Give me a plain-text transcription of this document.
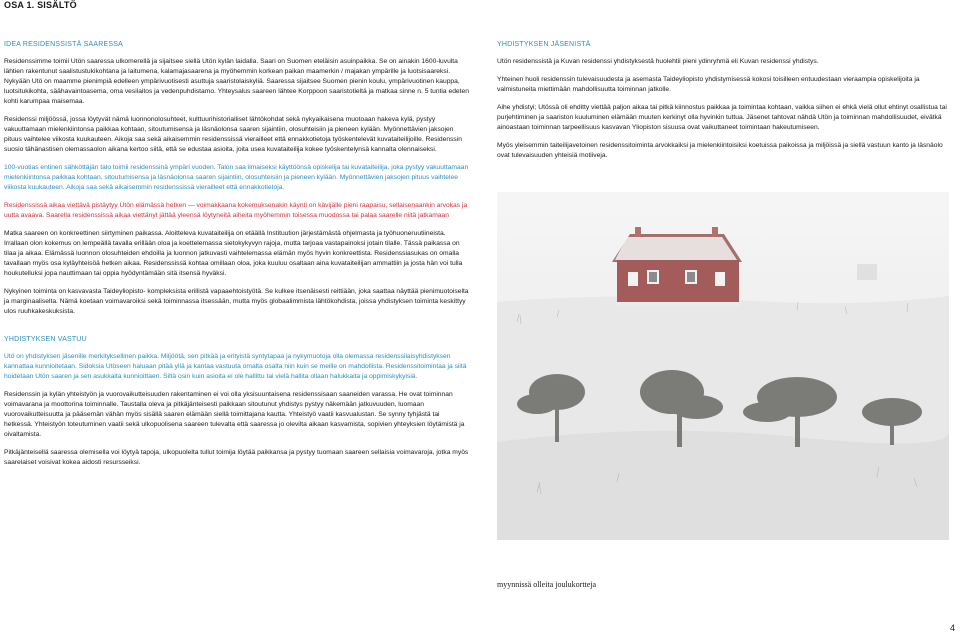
OSA 1. SISÄLTÖ
IDEA RESIDENSSISTÄ SAARESSA

Residenssimme toimii Utön saaressa ulkomerellä ja sijaitsee siellä Utön kylän laidalla. Saari on Suomen eteläisin asuinpaikka. Se on ainakin 1600-luvulta lähtien rakentunut saalistustukikohtana ja laitumena, kalamajasaarena ja myöhemmin korkean paikan maamerkin / majakan ympärille ja luotsisaareksi. Nykyään Utö on maamme pienimpiä edelleen ympärivuotisesti asuttuja saaristolaiskyliä. Saaressa sijaitsee Suomen pienin koulu, ympärivuotinen kauppa, luotsitukikohta, säähavaintoasema, oma vesilaitos ja vedenpuhdistamo. Yhteysalus saareen lähtee Korppoon saaristotieltä ja matkaa sinne n. 5 tuntia edeten kohti karumpaa maisemaa.

Residenssi miljöössä, jossa löytyvät nämä luonnonolosuhteet, kulttuurihistorialliset lähtökohdat sekä nykyaikaisena muotoaan hakeva kylä, pystyy vakuuttamaan mielenkiintonsa paikkaa kohtaan, sitoutumisensa ja läsnäolonsa saaren sijaintiin, olosuhteisiin ja pieneen kylään. Myönnettävien jaksojen pituus vaihtelee viikosta kuukauteen. Aikoja saa sekä aikaisemmin residenssissä vierailleet että ennakkotietoja työskentelevät kuvataiteilijoille. Residenssin suosio tähänastisen olemassaolon aikana kertoo siitä, että se edustaa asioita, joita usea kuvataiteilija kokee työskentelynsä kannalta olennaiseksi.

100-vuotias entinen sähköttäjän talo toimii residenssinä ympäri vuoden. Talon saa ilmaiseksi käyttöönsä opiskelija tai kuvataiteilija, joka pystyy vakuuttamaan mielenkiintonsa paikkaa kohtaan, sitoutumisensa ja läsnäolonsa saaren sijaintiin, olosuhteisiin ja pieneen kylään. Myönnettävien jaksojen pituus vaihtelee viikosta kuukauteen. Aikoja saa sekä aikaisemmin residenssissä vierailleet että ennakkotietoja.

Residenssissä aikaa viettävä pistäytyy Utön elämässä hetken — voimakkaana kokemuksenakin käynti on kävijälle pieni raapaisu, sellaisenaankin arvokas ja uutta avaava. Saarella residenssissä aikaa viettänyt jättää yleensä löytyneitä aiheita myöhemmin toisessa muodossa tai palaa saarelle niitä jatkamaan

Matka saareen on konkreettinen siirtyminen paikassa. Aloitteleva kuvataiteilija on etäällä Instituution järjestämästä ohjelmasta ja työhuoneruutiineista. Irrallaan olon kokemus on lempeällä tavalla erillään oloa ja koettelemassa sietokykyvyn rajoja, mutta tarjoaa vastapainoksi jotain tilalle. Tässä paikassa on tilaa ja aikaa. Elämässä luonnon olosuhteiden ehdoilla ja luonnon jatkuvasti vaihtelemassa elämän myös hyvin konkreettista. Residenssiasukas on omalla tavallaan myös osa kyläyhteisöä hetken aikaa. Residenssissä kohtaa omillaan oloa, joka kuuluu osaltaan aina kuvataiteilijan ammattiin ja josta hän voi tulla houkutelluksi jopa nauttimaan tai oppia hyödyntämään sitä itsensä hyväksi.

Nykyinen toiminta on kasvavasta Taideyliopisto- kompleksista erillistä vapaaehtoistyötä. Se kulkee itsenäisesti reittiään, joka saattaa näyttää pienimuotoiselta ja marginaaliselta. Nämä koetaan voimavaroiksi sekä toiminnassa itsessään, mutta myös globaalimmista lähtökohdista, joissa yhdistyksen toiminta keskittyy ulos ruuhkakeskuksista.

YHDISTYKSEN VASTUU

Utö on yhdistyksen jäsenille merkityksellinen paikka. Miljöötä, sen pitkää ja erityistä syntytapaa ja nykymuotoja olla olemassa residenssilaisyhdistyksen kannattaa kunnioitetaan. Sidoksia Utöseen haluaan pitää yllä ja kantaa vastuuta omalta osalta niin kuin se meille on mahdollista. Residenssitoimintaa ja siitä hoidetaan Utön saaren ja sen asukkaita kunnioittaen. Siltä osin kuin asioita ei ole hallittu tai vielä hallita ollaan halukkaita ja oppimiskykyisiä.

Residenssin ja kylän yhteistyön ja vuorovaikutteisuuden rakentaminen ei voi olla yksisuuntaisena residenssisaan saaneiden varassa. He ovat toiminnan voimavarana ja moottorina toiminnalle. Taustalla oleva ja pitkäjänteisesti paikkaan sitoutunut yhdistys pystyy näkemään jatkuvuuden, luomaan vuorovaikutteisuutta ja pääsemän vähän myös sisällä saaren elämään siellä toimittajana kautta. Yhteistyö vaatii kasvualustan. Se synny tyhjästä tai hetkessä. Yhteistyön toteutuminen vaatii sekä ulkopuolisena saareen tulevalta että saaressa jo olevilta aikaan kasvamista, sopivien yhteyksien löytämistä ja oivaltamista.

Pitkäjänteisellä saaressa olemisella voi löytyä tapoja, ulkopuolelta tullut toimija löytää paikkansa ja pystyy tuomaan saareen sellaisia voimavaroja, jotka myös saarelaiset voisivat kokea aidosti resursseiksi.

YHDISTYKSEN JÄSENISTÄ

Utön residenssistä ja Kuvan residenssi yhdistyksestä huolehtii pieni ydinryhmä eli Kuvan residenssi yhdistys.

Yhteinen huoli residenssin tulevaisuudesta ja asemasta Taideyliopisto yhdistymisessä kokosi toisilleen entuudestaan vieraampia opiskelijoita ja valmistuneita miettimään mahdollisuutta toiminnan jatkolle.

Aihe yhdistyi; Utössä oli ehditty viettää paljon aikaa tai pitkä kiinnostus paikkaa ja toimintaa kohtaan, vaikka siihen ei ehkä vielä ollut ehtinyt osallistua tai purjehtiminen ja saariston kuuluminen elämään muuten kerkinyt olla hyvinkin tuttua. Jäsenet tahtovat nähdä Utön ja toiminnan mahdollisuudet, eivätkä ainoastaan toiminnan tarpeellisuus kasvavan Yliopiston sisuusa ovat vaikuttaneet toimintaan hakeutumiseen.

Myös yleisemmin taiteilijavetoinen residenssitoiminta arvokkaiksi ja mielenkiintoisiksi koetuissa paikoissa ja miljöissä ja siellä vastuun kanto ja läsnäolo ovat tulevaisuuden yhteisiä motiiveja.

myynnissä olleita joulukortteja
4
